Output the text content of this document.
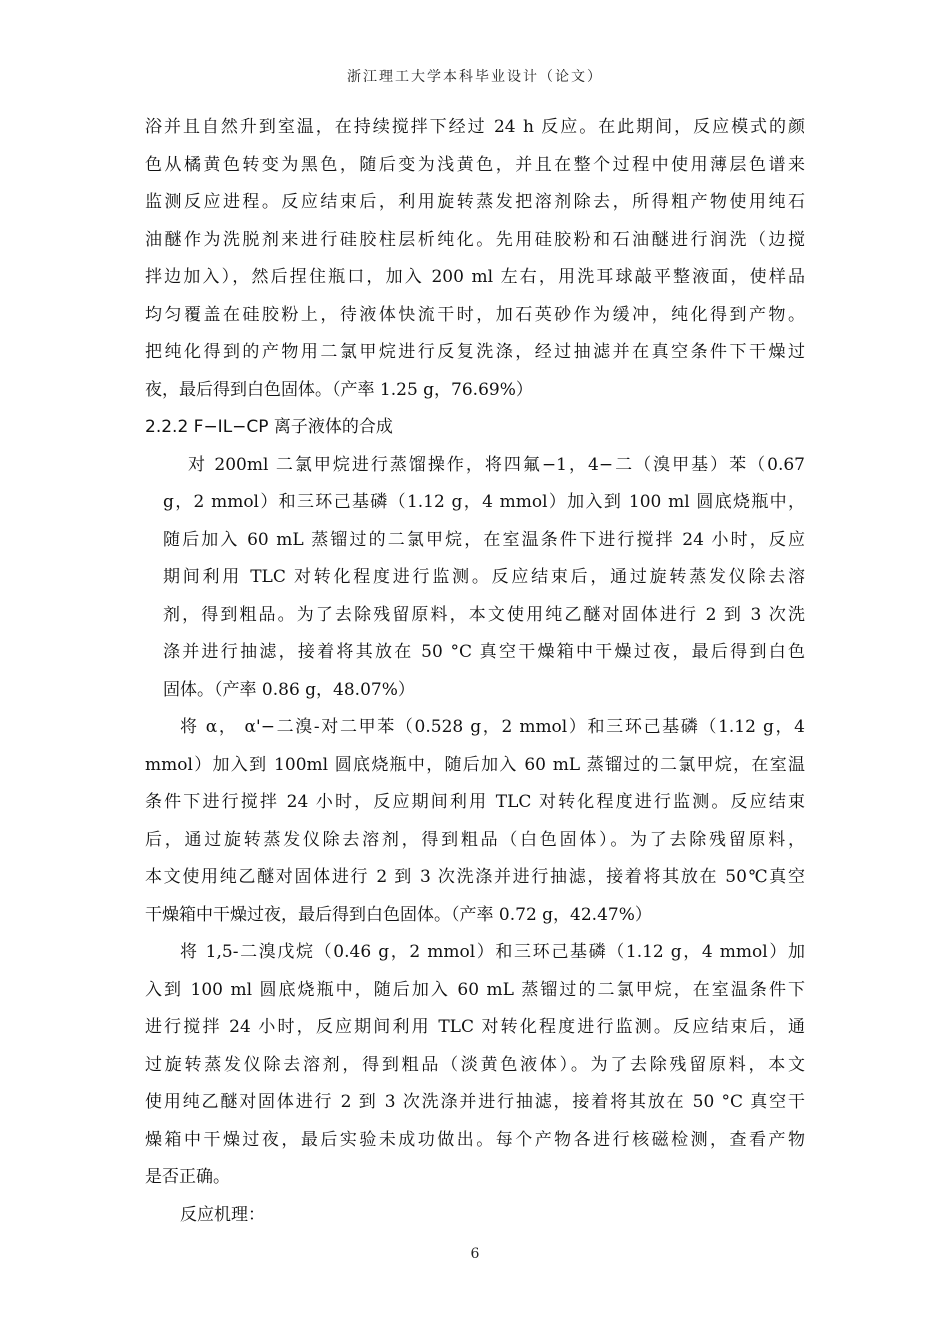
浙江理工大学本科毕业设计（论文）
浴并且自然升到室温，在持续搅拌下经过 24 h 反应。在此期间，反应模式的颜
色从橘黄色转变为黑色，随后变为浅黄色，并且在整个过程中使用薄层色谱来
监测反应进程。反应结束后，利用旋转蒸发把溶剂除去，所得粗产物使用纯石
油醚作为洗脱剂来进行硅胶柱层析纯化。先用硅胶粉和石油醚进行润洗（边搅
拌边加入），然后捏住瓶口，加入 200 ml 左右，用洗耳球敲平整液面，使样品
均匀覆盖在硅胶粉上，待液体快流干时，加石英砂作为缓冲，纯化得到产物。
把纯化得到的产物用二氯甲烷进行反复洗涤，经过抽滤并在真空条件下干燥过
夜，最后得到白色固体。（产率 1.25 g，76.69%）
2.2.2 F−IL−CP 离子液体的合成
对 200ml 二氯甲烷进行蒸馏操作，将四氟−1，4−二（溴甲基）苯（0.67
g，2 mmol）和三环己基磷（1.12 g，4 mmol）加入到 100 ml 圆底烧瓶中，
随后加入 60 mL 蒸镏过的二氯甲烷，在室温条件下进行搅拌 24 小时，反应
期间利用 TLC 对转化程度进行监测。反应结束后，通过旋转蒸发仪除去溶
剂，得到粗品。为了去除残留原料，本文使用纯乙醚对固体进行 2 到 3 次洗
涤并进行抽滤，接着将其放在 50 °C 真空干燥箱中干燥过夜，最后得到白色
固体。（产率 0.86 g，48.07%）
将 α， α'−二溴-对二甲苯（0.528 g，2 mmol）和三环己基磷（1.12 g，4
mmol）加入到 100ml 圆底烧瓶中，随后加入 60 mL 蒸镏过的二氯甲烷，在室温
条件下进行搅拌 24 小时，反应期间利用 TLC 对转化程度进行监测。反应结束
后，通过旋转蒸发仪除去溶剂，得到粗品（白色固体）。为了去除残留原料，
本文使用纯乙醚对固体进行 2 到 3 次洗涤并进行抽滤，接着将其放在 50℃真空
干燥箱中干燥过夜，最后得到白色固体。（产率 0.72 g，42.47%）
将 1,5-二溴戊烷（0.46 g，2 mmol）和三环己基磷（1.12 g，4 mmol）加
入到 100 ml 圆底烧瓶中，随后加入 60 mL 蒸镏过的二氯甲烷，在室温条件下
进行搅拌 24 小时，反应期间利用 TLC 对转化程度进行监测。反应结束后，通
过旋转蒸发仪除去溶剂，得到粗品（淡黄色液体）。为了去除残留原料，本文
使用纯乙醚对固体进行 2 到 3 次洗涤并进行抽滤，接着将其放在 50 °C 真空干
燥箱中干燥过夜，最后实验未成功做出。每个产物各进行核磁检测，查看产物
是否正确。
反应机理：
6
